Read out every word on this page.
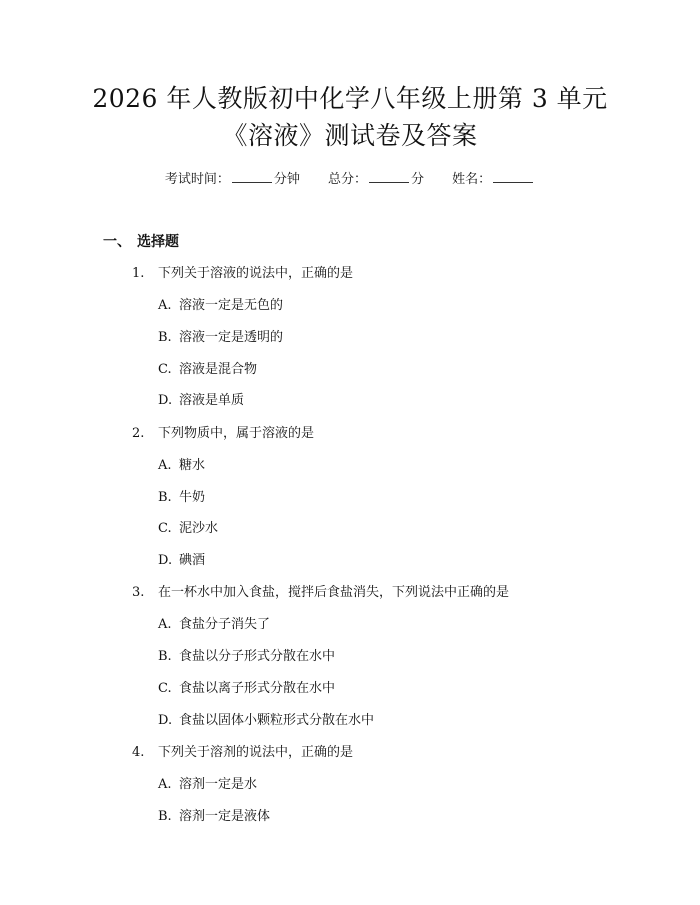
2026 年人教版初中化学八年级上册第 3 单元
《溶液》测试卷及答案
考试时间：	分钟 总分：	分 姓名：
一、 选择题
1. 下列关于溶液的说法中，正确的是
A. 溶液一定是无色的
B. 溶液一定是透明的
C. 溶液是混合物
D. 溶液是单质
2. 下列物质中，属于溶液的是
A. 糖水
B. 牛奶
C. 泥沙水
D. 碘酒
3. 在一杯水中加入食盐，搅拌后食盐消失，下列说法中正确的是
A. 食盐分子消失了
B. 食盐以分子形式分散在水中
C. 食盐以离子形式分散在水中
D. 食盐以固体小颗粒形式分散在水中
4. 下列关于溶剂的说法中，正确的是
A. 溶剂一定是水
B. 溶剂一定是液体
